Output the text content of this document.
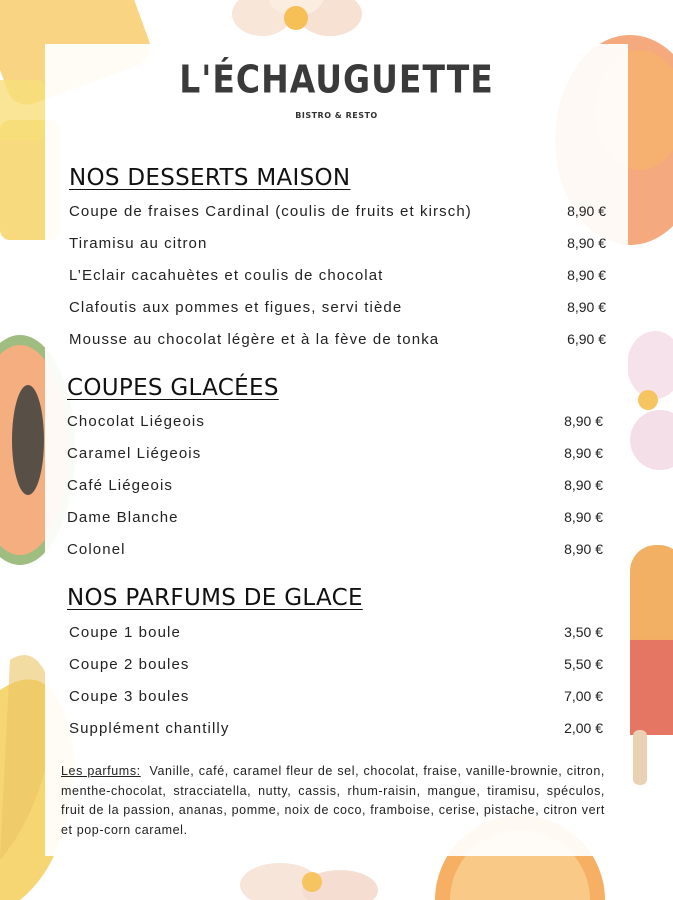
L'ÉCHAUGUETTE
BISTRO & RESTO
NOS DESSERTS MAISON
Coupe de fraises Cardinal (coulis de fruits et kirsch)	8,90 €
Tiramisu au citron	8,90 €
L’Eclair cacahuètes et coulis de chocolat	8,90 €
Clafoutis aux pommes et figues, servi tiède	8,90 €
Mousse au chocolat légère et à la fève de tonka	6,90 €
COUPES GLACÉES
Chocolat Liégeois	8,90 €
Caramel Liégeois	8,90 €
Café Liégeois	8,90 €
Dame Blanche	8,90 €
Colonel	8,90 €
NOS PARFUMS DE GLACE
Coupe 1 boule	3,50 €
Coupe 2 boules	5,50 €
Coupe 3 boules	7,00 €
Supplément chantilly	2,00 €
Les parfums: Vanille, café, caramel fleur de sel, chocolat, fraise, vanille-brownie, citron, menthe-chocolat, stracciatella, nutty, cassis, rhum-raisin, mangue, tiramisu, spéculos, fruit de la passion, ananas, pomme, noix de coco, framboise, cerise, pistache, citron vert et pop-corn caramel.
